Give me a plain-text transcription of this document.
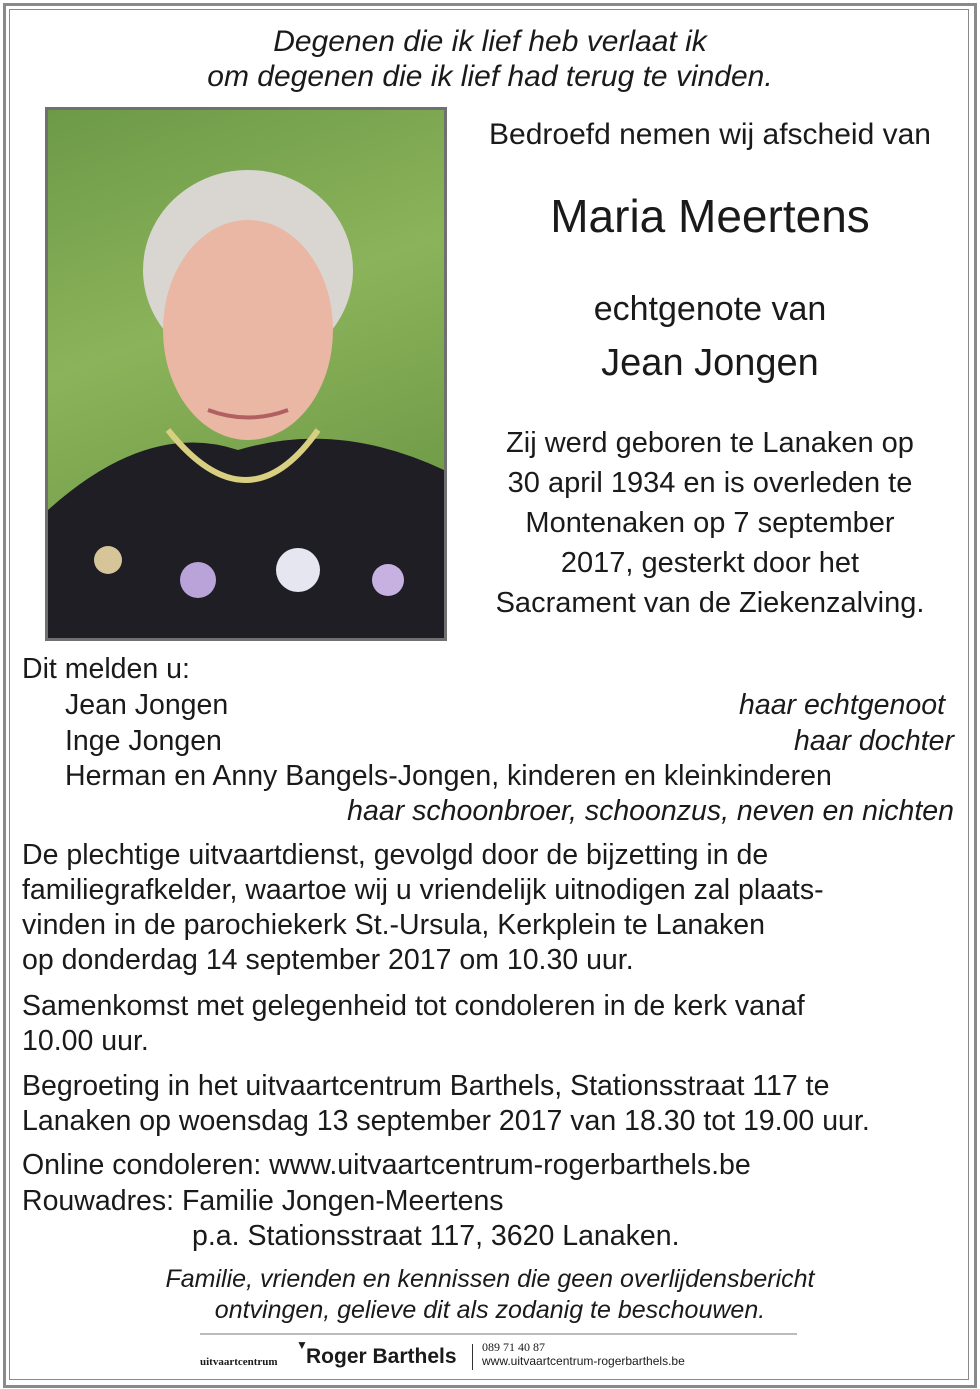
Degenen die ik lief heb verlaat ik
om degenen die ik lief had terug te vinden.
Bedroefd nemen wij afscheid van
Maria Meertens
echtgenote van
Jean Jongen
Zij werd geboren te Lanaken op
30 april 1934 en is overleden te
Montenaken op 7 september
2017, gesterkt door het
Sacrament van de Ziekenzalving.
Dit melden u:
Jean Jongen	haar echtgenoot
Inge Jongen	haar dochter
Herman en Anny Bangels-Jongen, kinderen en kleinkinderen
haar schoonbroer, schoonzus, neven en nichten
De plechtige uitvaartdienst, gevolgd door de bijzetting in de
familiegrafkelder, waartoe wij u vriendelijk uitnodigen zal plaats-
vinden in de parochiekerk St.-Ursula, Kerkplein te Lanaken
op donderdag 14 september 2017 om 10.30 uur.
Samenkomst met gelegenheid tot condoleren in de kerk vanaf
10.00 uur.
Begroeting in het uitvaartcentrum Barthels, Stationsstraat 117 te
Lanaken op woensdag 13 september 2017 van 18.30 tot 19.00 uur.
Online condoleren: www.uitvaartcentrum-rogerbarthels.be
Rouwadres: Familie Jongen-Meertens
p.a. Stationsstraat 117, 3620 Lanaken.
Familie, vrienden en kennissen die geen overlijdensbericht
ontvingen, gelieve dit als zodanig te beschouwen.
uitvaartcentrum
▼
Roger Barthels 089 71 40 87
www.uitvaartcentrum-rogerbarthels.be
